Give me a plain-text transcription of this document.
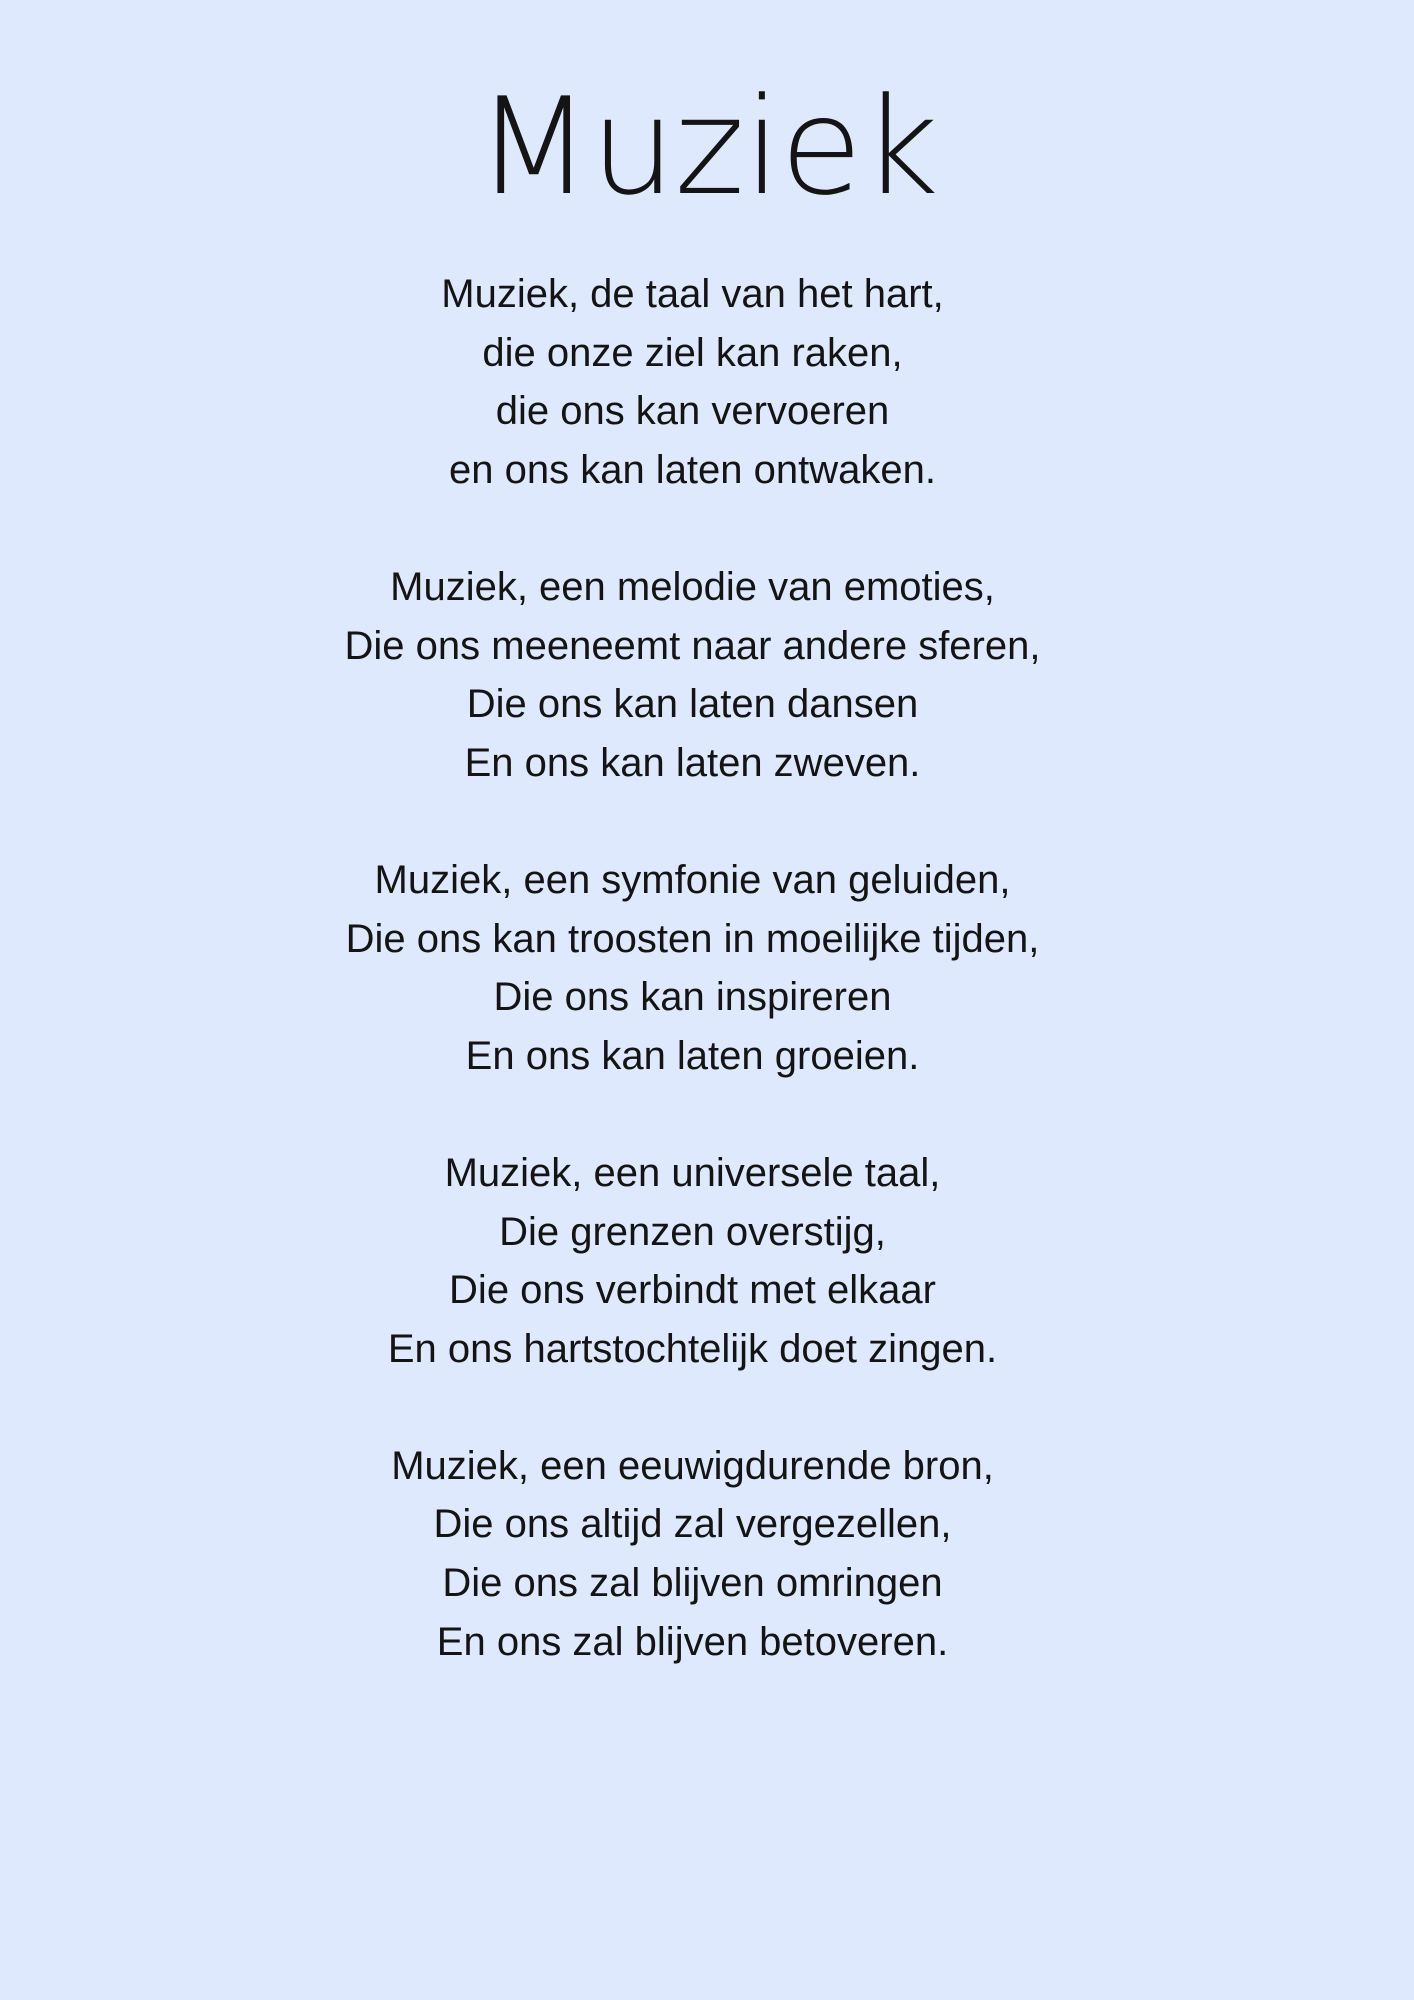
Muziek
Muziek, de taal van het hart,
die onze ziel kan raken,
die ons kan vervoeren
en ons kan laten ontwaken.
Muziek, een melodie van emoties,
Die ons meeneemt naar andere sferen,
Die ons kan laten dansen
En ons kan laten zweven.
Muziek, een symfonie van geluiden,
Die ons kan troosten in moeilijke tijden,
Die ons kan inspireren
En ons kan laten groeien.
Muziek, een universele taal,
Die grenzen overstijg,
Die ons verbindt met elkaar
En ons hartstochtelijk doet zingen.
Muziek, een eeuwigdurende bron,
Die ons altijd zal vergezellen,
Die ons zal blijven omringen
En ons zal blijven betoveren.
